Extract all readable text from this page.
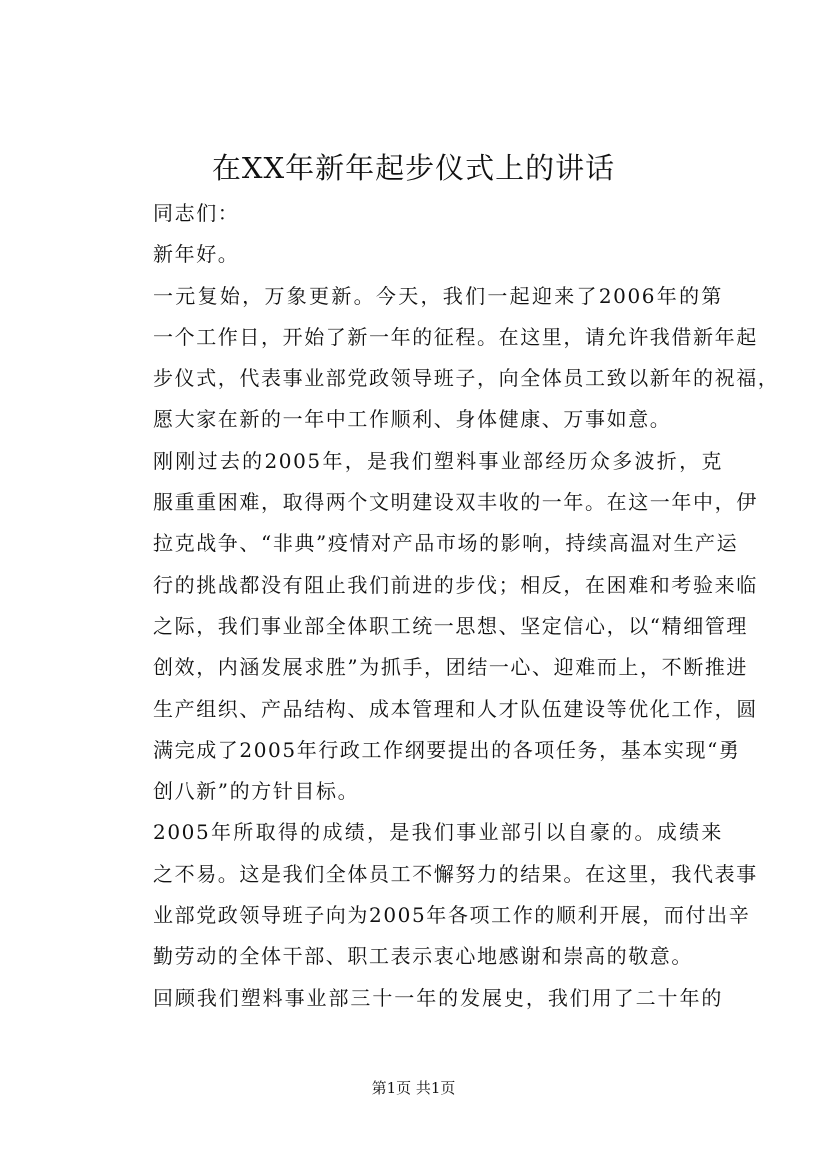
在XX年新年起步仪式上的讲话

同志们：

新年好。

一元复始，万象更新。今天，我们一起迎来了2006年的第
一个工作日，开始了新一年的征程。在这里，请允许我借新年起
步仪式，代表事业部党政领导班子，向全体员工致以新年的祝福，
愿大家在新的一年中工作顺利、身体健康、万事如意。

刚刚过去的2005年，是我们塑料事业部经历众多波折，克
服重重困难，取得两个文明建设双丰收的一年。在这一年中，伊
拉克战争、“非典”疫情对产品市场的影响，持续高温对生产运
行的挑战都没有阻止我们前进的步伐；相反，在困难和考验来临
之际，我们事业部全体职工统一思想、坚定信心，以“精细管理
创效，内涵发展求胜”为抓手，团结一心、迎难而上，不断推进
生产组织、产品结构、成本管理和人才队伍建设等优化工作，圆
满完成了2005年行政工作纲要提出的各项任务，基本实现“勇
创八新”的方针目标。

2005年所取得的成绩，是我们事业部引以自豪的。成绩来
之不易。这是我们全体员工不懈努力的结果。在这里，我代表事
业部党政领导班子向为2005年各项工作的顺利开展，而付出辛
勤劳动的全体干部、职工表示衷心地感谢和崇高的敬意。

回顾我们塑料事业部三十一年的发展史，我们用了二十年的

第1页 共1页
